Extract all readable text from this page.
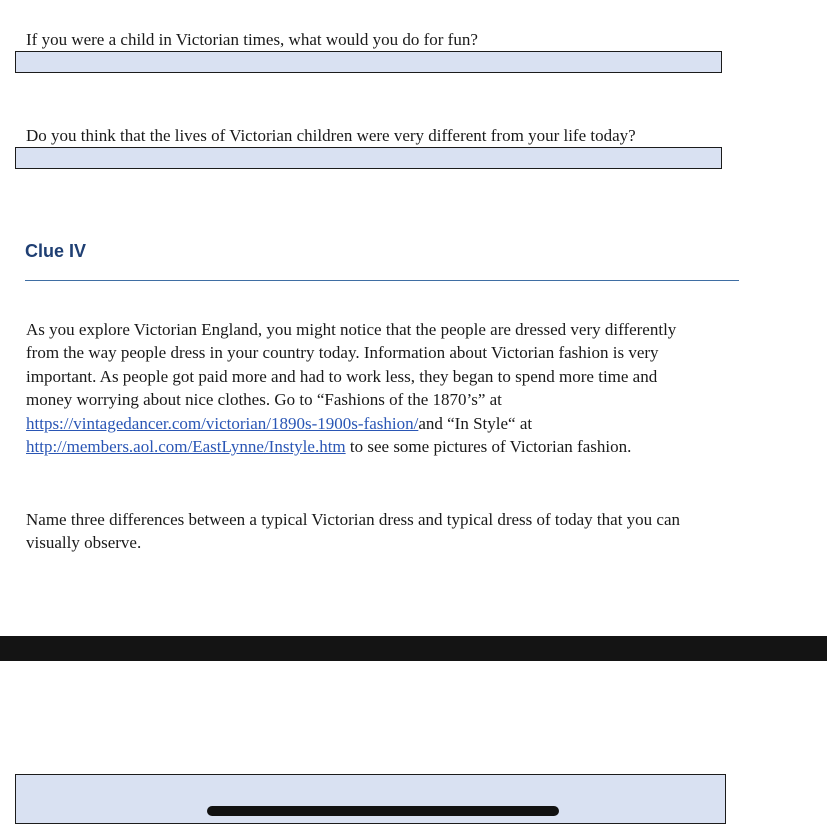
If you were a child in Victorian times, what would you do for fun?
Do you think that the lives of Victorian children were very different from your life today?
Clue IV
As you explore Victorian England, you might notice that the people are dressed very differently
from the way people dress in your country today. Information about Victorian fashion is very
important. As people got paid more and had to work less, they began to spend more time and
money worrying about nice clothes. Go to “Fashions of the 1870’s” at
https://vintagedancer.com/victorian/1890s-1900s-fashion/and “In Style“ at
http://members.aol.com/EastLynne/Instyle.htm to see some pictures of Victorian fashion.
Name three differences between a typical Victorian dress and typical dress of today that you can
visually observe.
